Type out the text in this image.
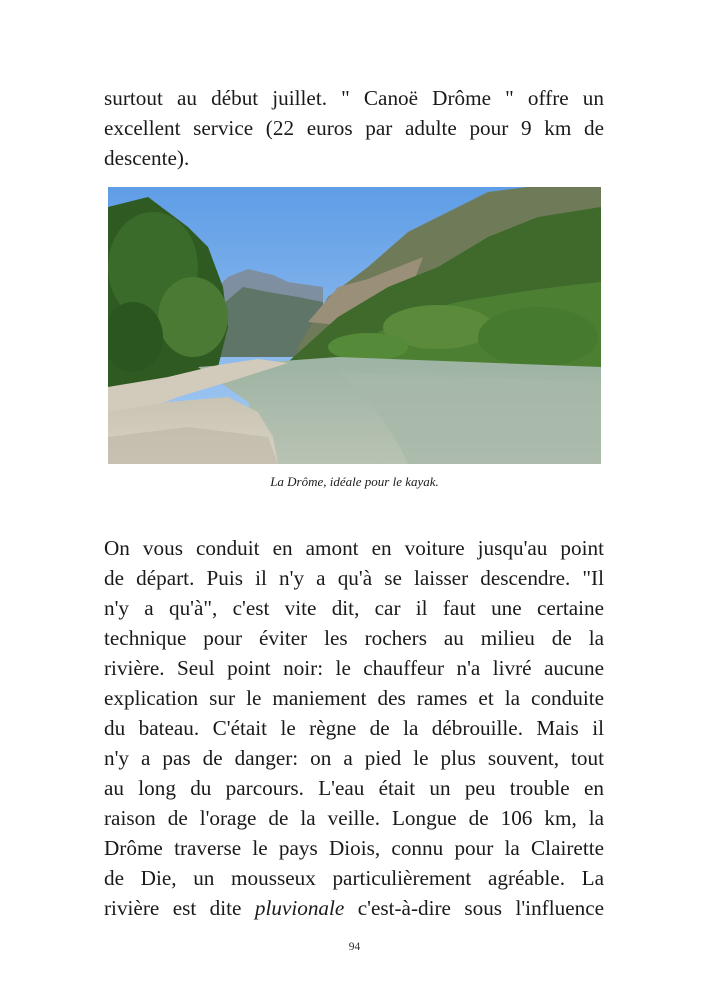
surtout au début juillet. " Canoë Drôme " offre un
excellent service (22 euros par adulte pour 9 km de
descente).
La Drôme, idéale pour le kayak.
On vous conduit en amont en voiture jusqu'au point
de départ. Puis il n'y a qu'à se laisser descendre. "Il
n'y a qu'à", c'est vite dit, car il faut une certaine
technique pour éviter les rochers au milieu de la
rivière. Seul point noir: le chauffeur n'a livré aucune
explication sur le maniement des rames et la conduite
du bateau. C'était le règne de la débrouille. Mais il
n'y a pas de danger: on a pied le plus souvent, tout
au long du parcours. L'eau était un peu trouble en
raison de l'orage de la veille. Longue de 106 km, la
Drôme traverse le pays Diois, connu pour la Clairette
de Die, un mousseux particulièrement agréable. La
rivière est dite pluvionale c'est-à-dire sous l'influence
94
